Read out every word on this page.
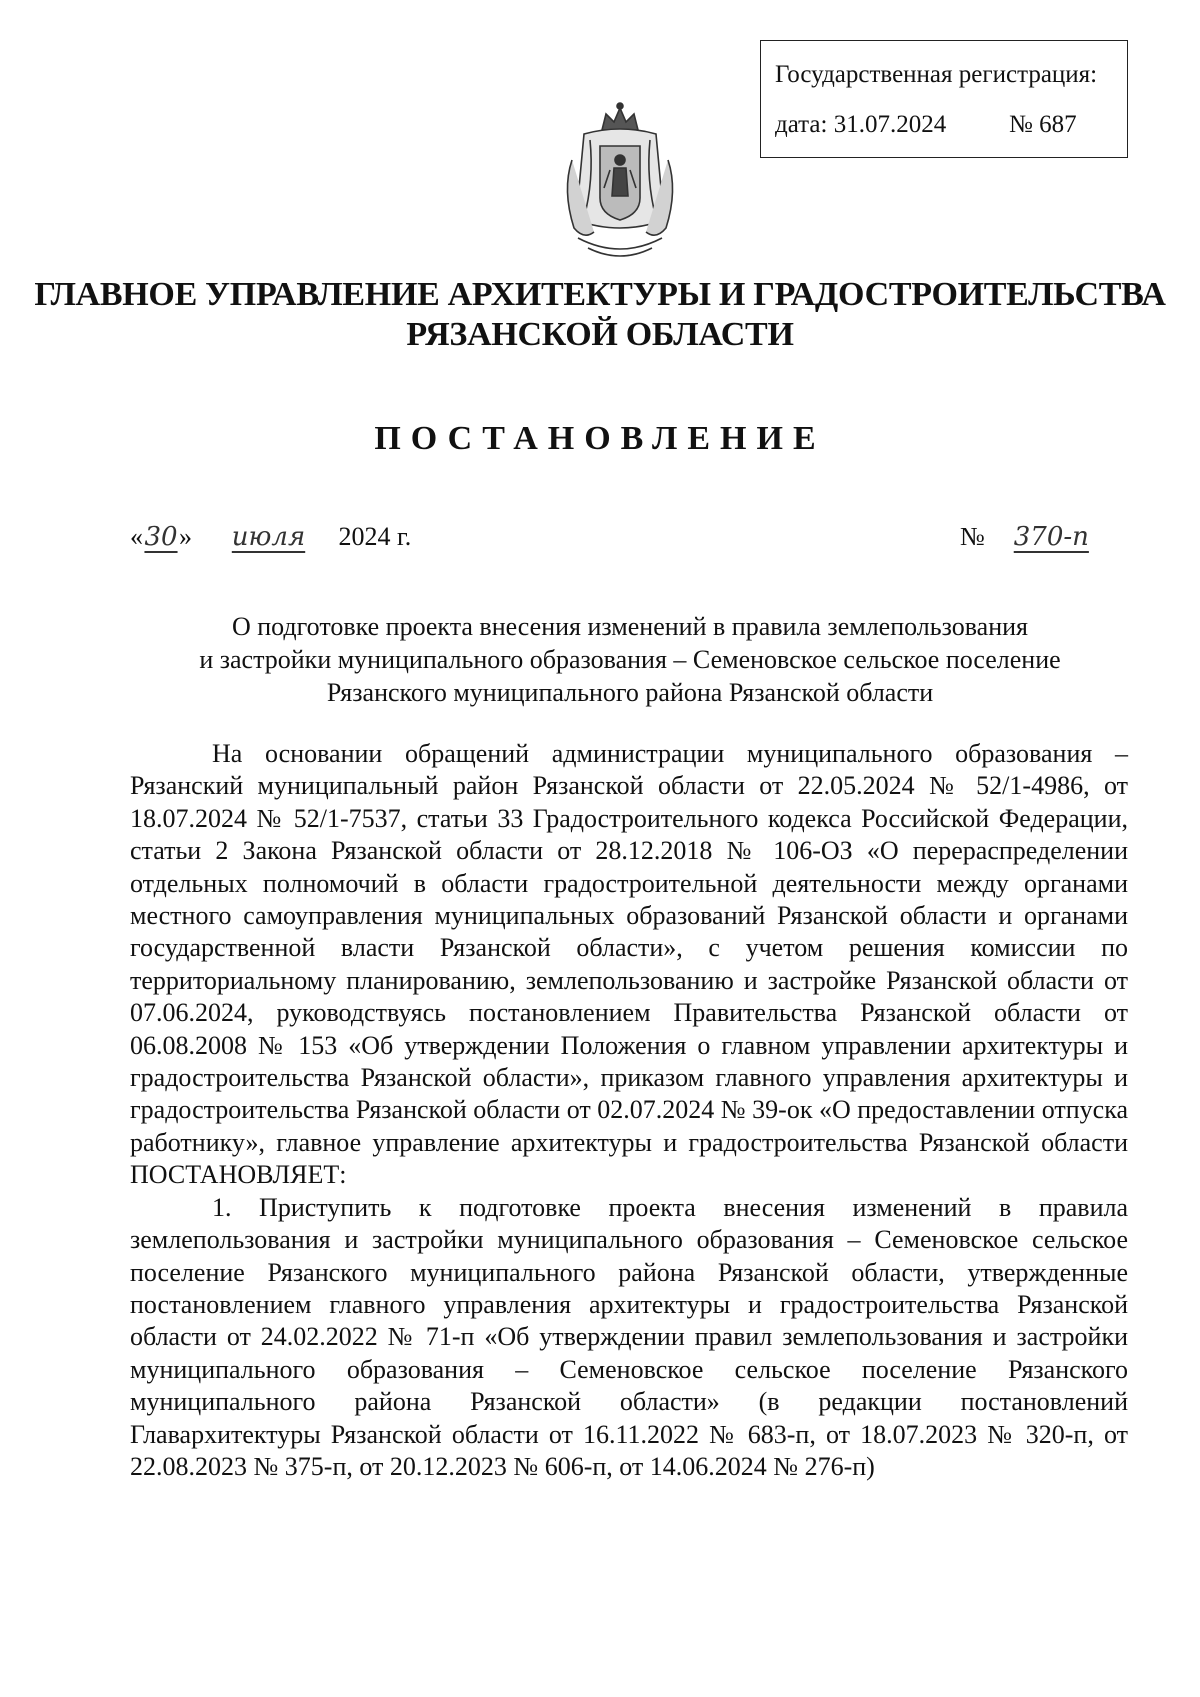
Государственная регистрация:
дата: 31.07.2024	№ 687
ГЛАВНОЕ УПРАВЛЕНИЕ АРХИТЕКТУРЫ И ГРАДОСТРОИТЕЛЬСТВА
РЯЗАНСКОЙ ОБЛАСТИ
ПОСТАНОВЛЕНИЕ
«30» июля 2024 г.	№ 370-п
О подготовке проекта внесения изменений в правила землепользования
и застройки муниципального образования – Семеновское сельское поселение
Рязанского муниципального района Рязанской области

На основании обращений администрации муниципального образования – Рязанский муниципальный район Рязанской области от 22.05.2024 № 52/1-4986, от 18.07.2024 № 52/1-7537, статьи 33 Градостроительного кодекса Российской Федерации, статьи 2 Закона Рязанской области от 28.12.2018 № 106-ОЗ «О перераспределении отдельных полномочий в области градостроительной деятельности между органами местного самоуправления муниципальных образований Рязанской области и органами государственной власти Рязанской области», с учетом решения комиссии по территориальному планированию, землепользованию и застройке Рязанской области от 07.06.2024, руководствуясь постановлением Правительства Рязанской области от 06.08.2008 № 153 «Об утверждении Положения о главном управлении архитектуры и градостроительства Рязанской области», приказом главного управления архитектуры и градостроительства Рязанской области от 02.07.2024 № 39-ок «О предоставлении отпуска работнику», главное управление архитектуры и градостроительства Рязанской области ПОСТАНОВЛЯЕТ:

1. Приступить к подготовке проекта внесения изменений в правила землепользования и застройки муниципального образования – Семеновское сельское поселение Рязанского муниципального района Рязанской области, утвержденные постановлением главного управления архитектуры и градостроительства Рязанской области от 24.02.2022 № 71-п «Об утверждении правил землепользования и застройки муниципального образования – Семеновское сельское поселение Рязанского муниципального района Рязанской области» (в редакции постановлений Главархитектуры Рязанской области от 16.11.2022 № 683-п, от 18.07.2023 № 320-п, от 22.08.2023 № 375-п, от 20.12.2023 № 606-п, от 14.06.2024 № 276-п)
